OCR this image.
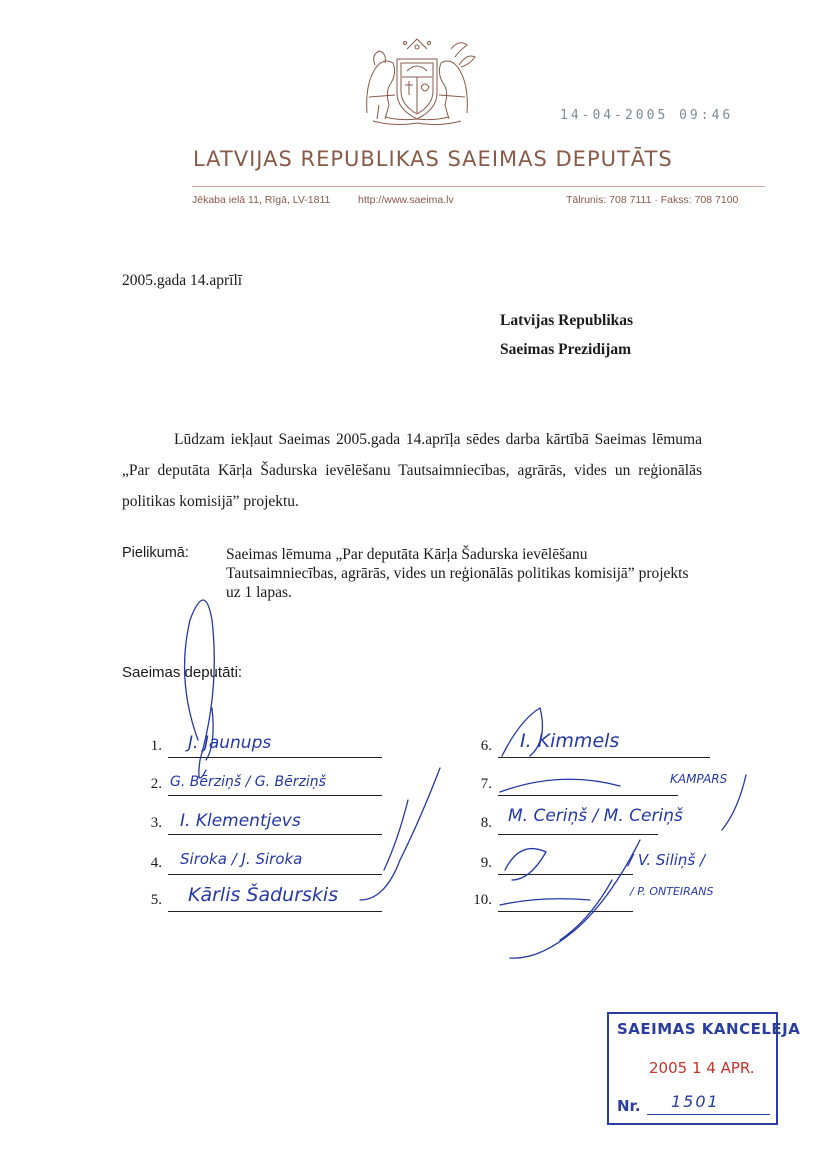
14-04-2005 09:46
LATVIJAS REPUBLIKAS SAEIMAS DEPUTĀTS
Jēkaba ielā 11, Rīgā, LV-1811	http://www.saeima.lv	Tālrunis: 708 7111 · Fakss: 708 7100
2005.gada 14.aprīlī
Latvijas Republikas
Saeimas Prezidijam
Lūdzam iekļaut Saeimas 2005.gada 14.aprīļa sēdes darba kārtībā Saeimas lēmuma „Par deputāta Kārļa Šadurska ievēlēšanu Tautsaimniecības, agrārās, vides un reģionālās politikas komisijā” projektu.
Pielikumā: Saeimas lēmuma „Par deputāta Kārļa Šadurska ievēlēšanu Tautsaimniecības, agrārās, vides un reģionālās politikas komisijā” projekts uz 1 lapas.
Saeimas deputāti:
1. J. Jaunups
2. G. Bērziņš / G. Bērziņš
3. I. Klementjevs
4. Siroka / J. Siroka
5. Kārlis Šadurskis
6. I. Kimmels
7.	KAMPARS
8. M. Ceriņš / M. Ceriņš
9.	/ V. Siliņš /
10.
/ P. ONTEIRANS
SAEIMAS KANCELEJA
2005 1 4 APR.
Nr. 1501
